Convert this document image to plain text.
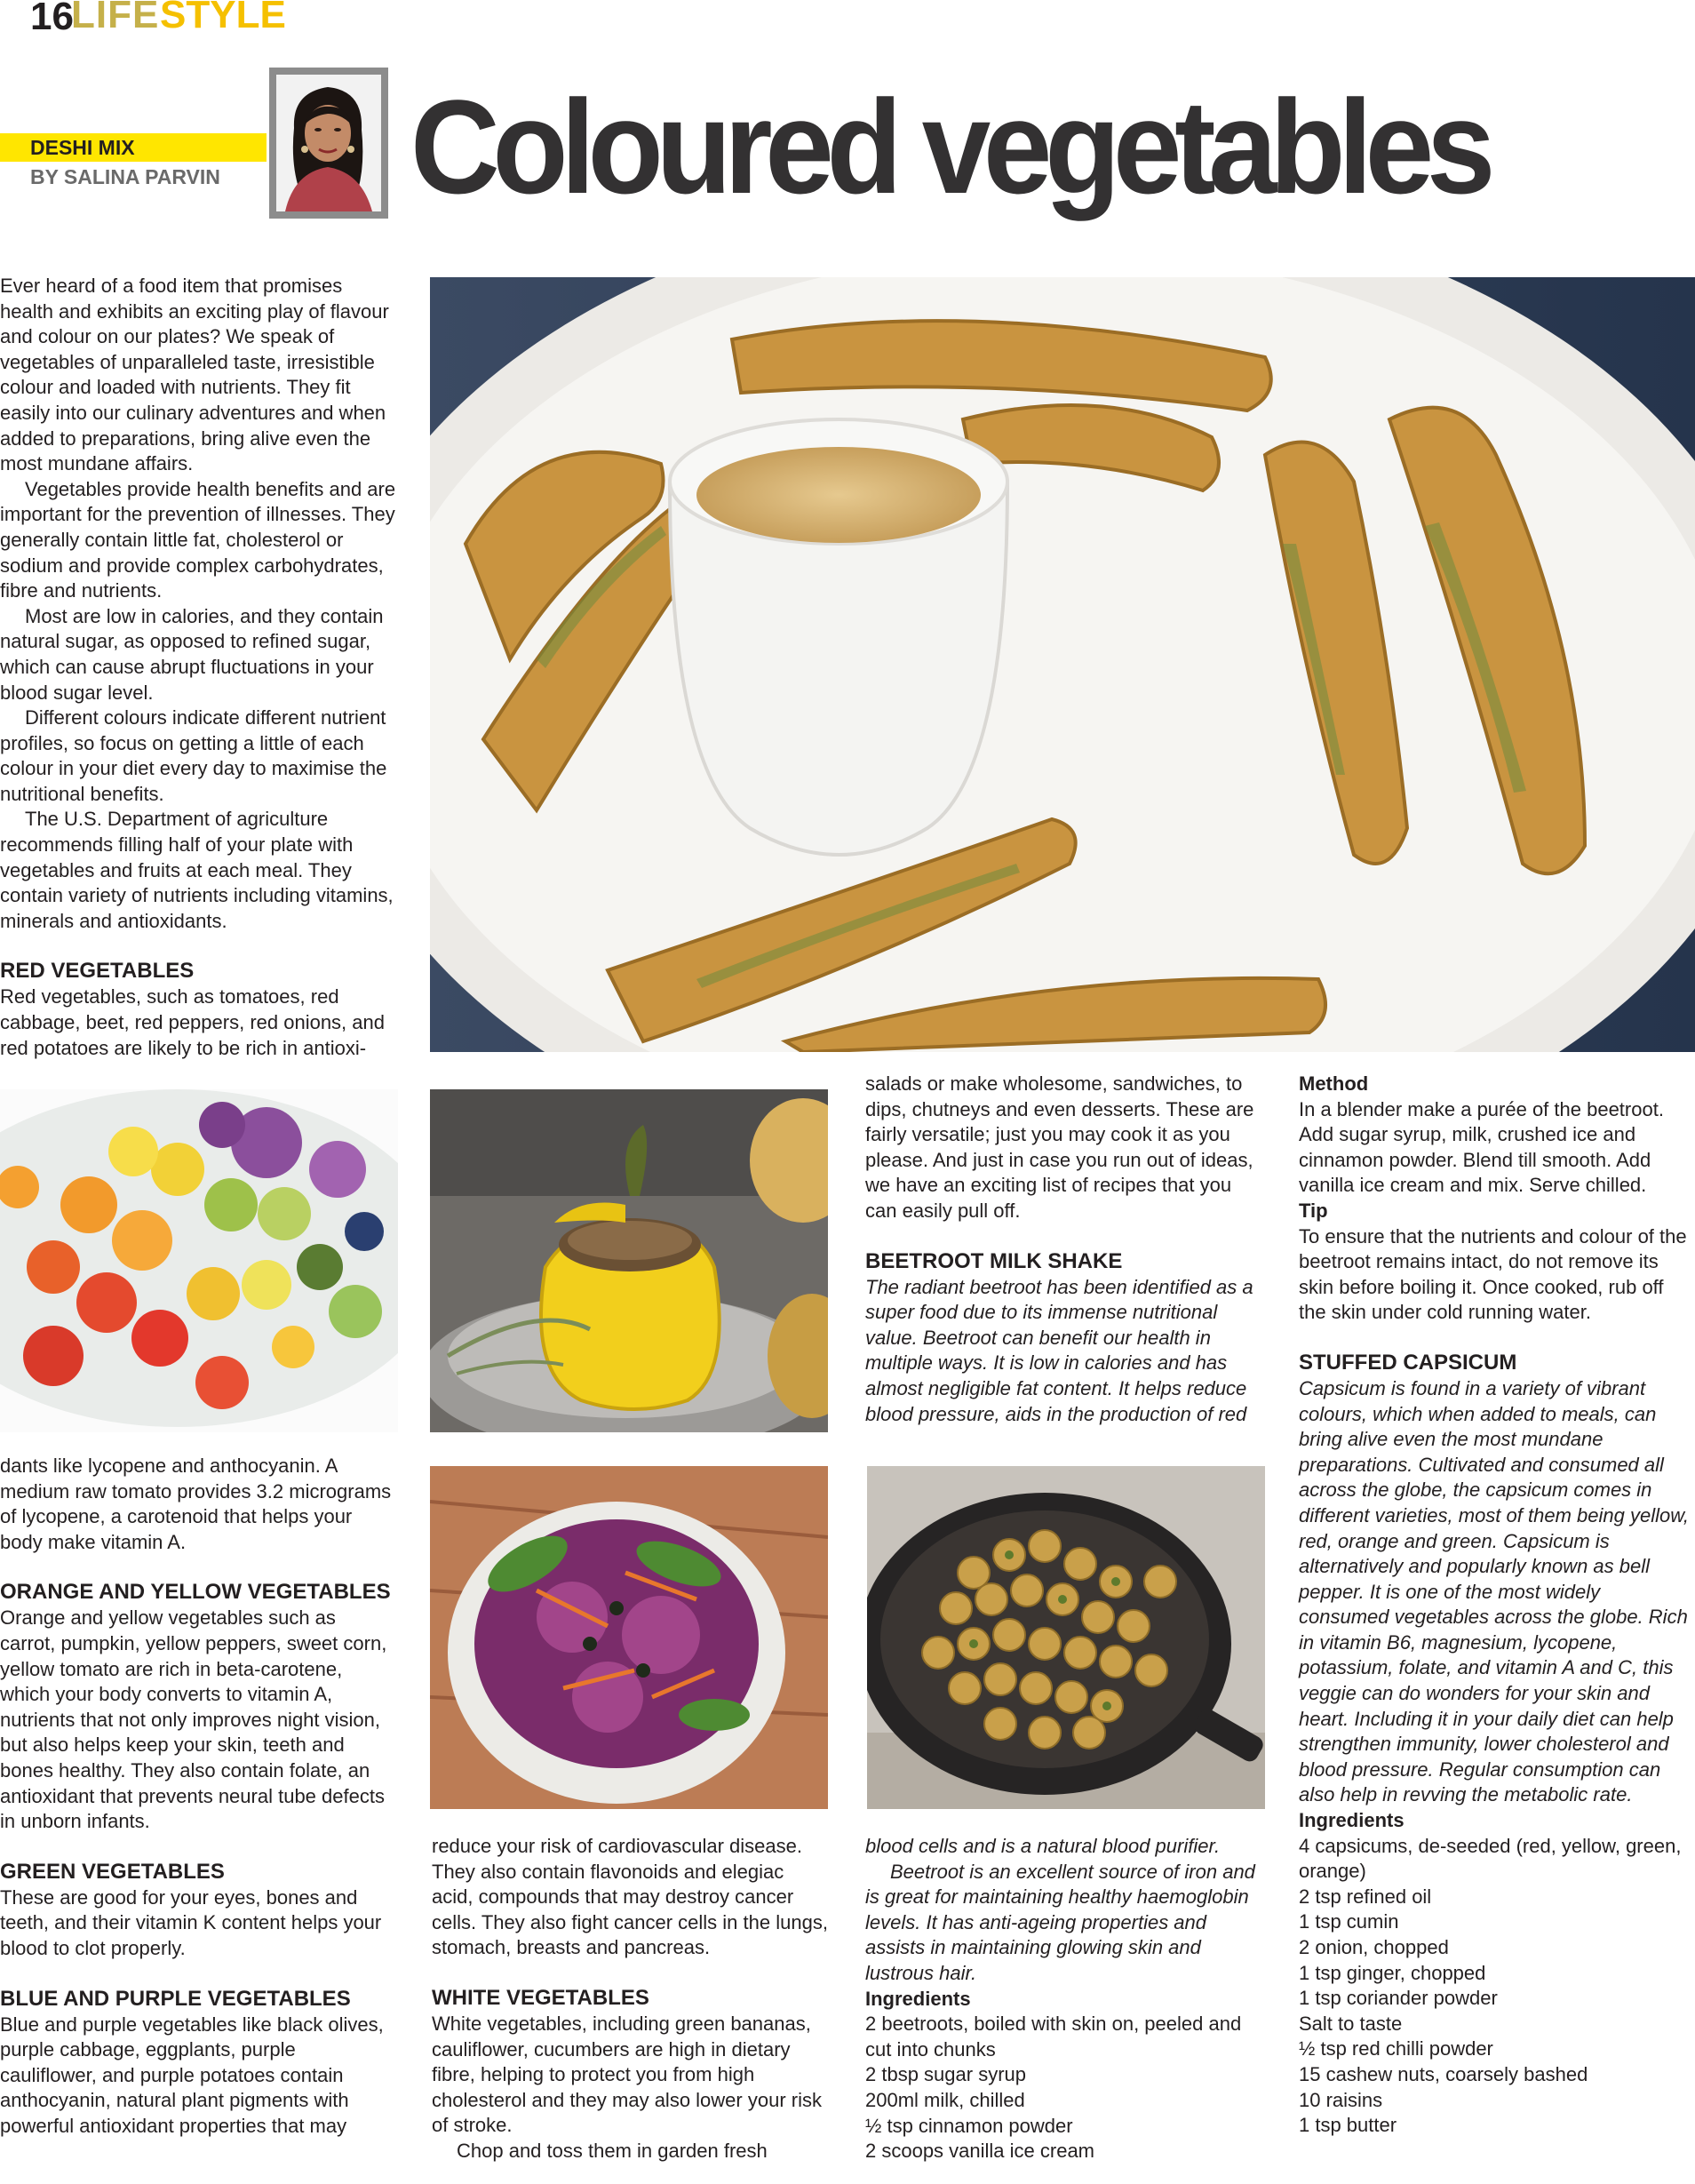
16
LIFE STYLE
DESHI MIX
BY SALINA PARVIN Coloured vegetables

Ever heard of a food item that promises health and exhibits an exciting play of flavour and colour on our plates? We speak of vegetables of unparalleled taste, irresistible colour and loaded with nutrients. They fit easily into our culinary adventures and when added to preparations, bring alive even the most mundane affairs.

Vegetables provide health benefits and are important for the prevention of illnesses. They generally contain little fat, cholesterol or sodium and provide complex carbohydrates, fibre and nutrients.

Most are low in calories, and they contain natural sugar, as opposed to refined sugar, which can cause abrupt fluctuations in your blood sugar level.

Different colours indicate different nutrient profiles, so focus on getting a little of each colour in your diet every day to maximise the nutritional benefits.

The U.S. Department of agriculture recommends filling half of your plate with vegetables and fruits at each meal. They contain variety of nutrients including vitamins, minerals and antioxidants.

RED VEGETABLES

Red vegetables, such as tomatoes, red cabbage, beet, red peppers, red onions, and red potatoes are likely to be rich in antioxi-

dants like lycopene and anthocyanin. A medium raw tomato provides 3.2 micrograms of lycopene, a carotenoid that helps your body make vitamin A.

ORANGE AND YELLOW VEGETABLES

Orange and yellow vegetables such as carrot, pumpkin, yellow peppers, sweet corn, yellow tomato are rich in beta-carotene, which your body converts to vitamin A, nutrients that not only improves night vision, but also helps keep your skin, teeth and bones healthy. They also contain folate, an antioxidant that prevents neural tube defects in unborn infants.

GREEN VEGETABLES

These are good for your eyes, bones and teeth, and their vitamin K content helps your blood to clot properly.

BLUE AND PURPLE VEGETABLES

Blue and purple vegetables like black olives, purple cabbage, eggplants, purple cauliflower, and purple potatoes contain anthocyanin, natural plant pigments with powerful antioxidant properties that may

reduce your risk of cardiovascular disease. They also contain flavonoids and elegiac acid, compounds that may destroy cancer cells. They also fight cancer cells in the lungs, stomach, breasts and pancreas.

WHITE VEGETABLES

White vegetables, including green bananas, cauliflower, cucumbers are high in dietary fibre, helping to protect you from high cholesterol and they may also lower your risk of stroke.

Chop and toss them in garden fresh

salads or make wholesome, sandwiches, to dips, chutneys and even desserts. These are fairly versatile; just you may cook it as you please. And just in case you run out of ideas, we have an exciting list of recipes that you can easily pull off.

BEETROOT MILK SHAKE

The radiant beetroot has been identified as a super food due to its immense nutritional value. Beetroot can benefit our health in multiple ways. It is low in calories and has almost negligible fat content. It helps reduce blood pressure, aids in the production of red

blood cells and is a natural blood purifier.

Beetroot is an excellent source of iron and is great for maintaining healthy haemoglobin levels. It has anti-ageing properties and assists in maintaining glowing skin and lustrous hair.

Ingredients

2 beetroots, boiled with skin on, peeled and cut into chunks

2 tbsp sugar syrup

200ml milk, chilled

½ tsp cinnamon powder

2 scoops vanilla ice cream

Method

In a blender make a purée of the beetroot. Add sugar syrup, milk, crushed ice and cinnamon powder. Blend till smooth. Add vanilla ice cream and mix. Serve chilled.

Tip

To ensure that the nutrients and colour of the beetroot remains intact, do not remove its skin before boiling it. Once cooked, rub off the skin under cold running water.

STUFFED CAPSICUM

Capsicum is found in a variety of vibrant colours, which when added to meals, can bring alive even the most mundane preparations. Cultivated and consumed all across the globe, the capsicum comes in different varieties, most of them being yellow, red, orange and green. Capsicum is alternatively and popularly known as bell pepper. It is one of the most widely consumed vegetables across the globe. Rich in vitamin B6, magnesium, lycopene, potassium, folate, and vitamin A and C, this veggie can do wonders for your skin and heart. Including it in your daily diet can help strengthen immunity, lower cholesterol and blood pressure. Regular consumption can also help in revving the metabolic rate.

Ingredients

4 capsicums, de-seeded (red, yellow, green, orange)

2 tsp refined oil

1 tsp cumin

2 onion, chopped

1 tsp ginger, chopped

1 tsp coriander powder

Salt to taste

½ tsp red chilli powder

15 cashew nuts, coarsely bashed

10 raisins

1 tsp butter
